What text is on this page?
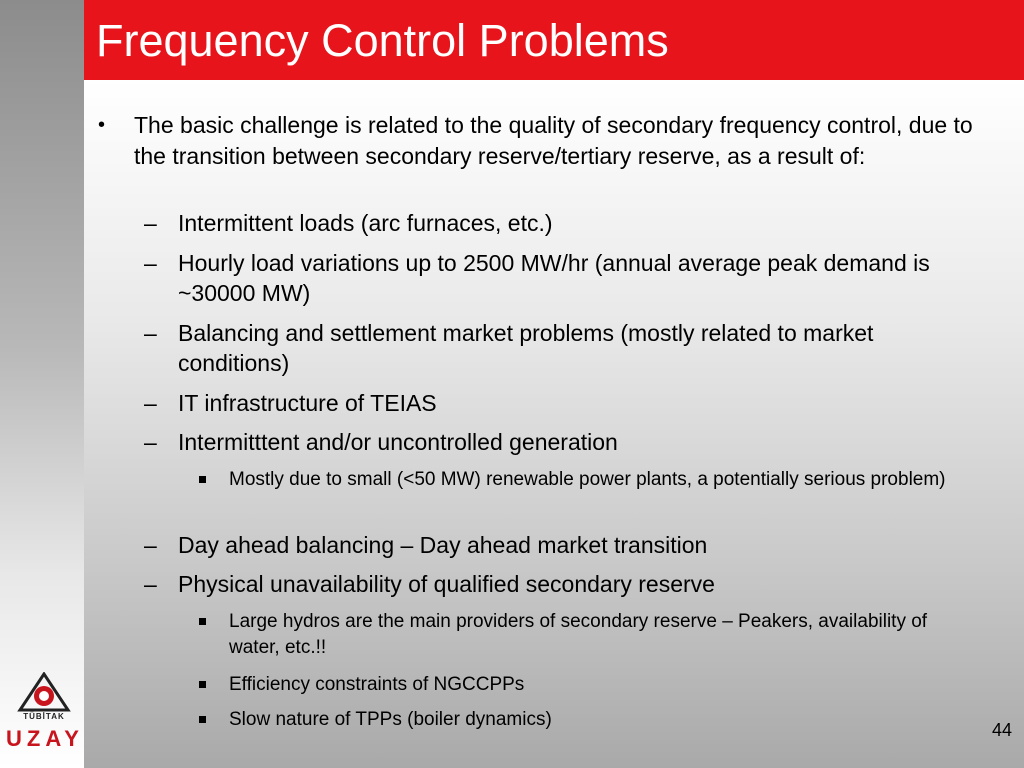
Frequency Control Problems
• The basic challenge is related to the quality of secondary frequency control, due to the transition between secondary reserve/tertiary reserve, as a result of:
– Intermittent loads (arc furnaces, etc.)
– Hourly load variations up to 2500 MW/hr (annual average peak demand is ~30000 MW)
– Balancing and settlement market problems (mostly related to market conditions)
– IT infrastructure of TEIAS
– Intermitttent and/or uncontrolled generation
Mostly due to small (<50 MW) renewable power plants, a potentially serious problem)
– Day ahead balancing – Day ahead market transition
– Physical unavailability of qualified secondary reserve
Large hydros are the main providers of secondary reserve – Peakers, availability of water, etc.!!
Efficiency constraints of NGCCPPs
Slow nature of TPPs (boiler dynamics)	44
TÜBİTAK
UZAY
